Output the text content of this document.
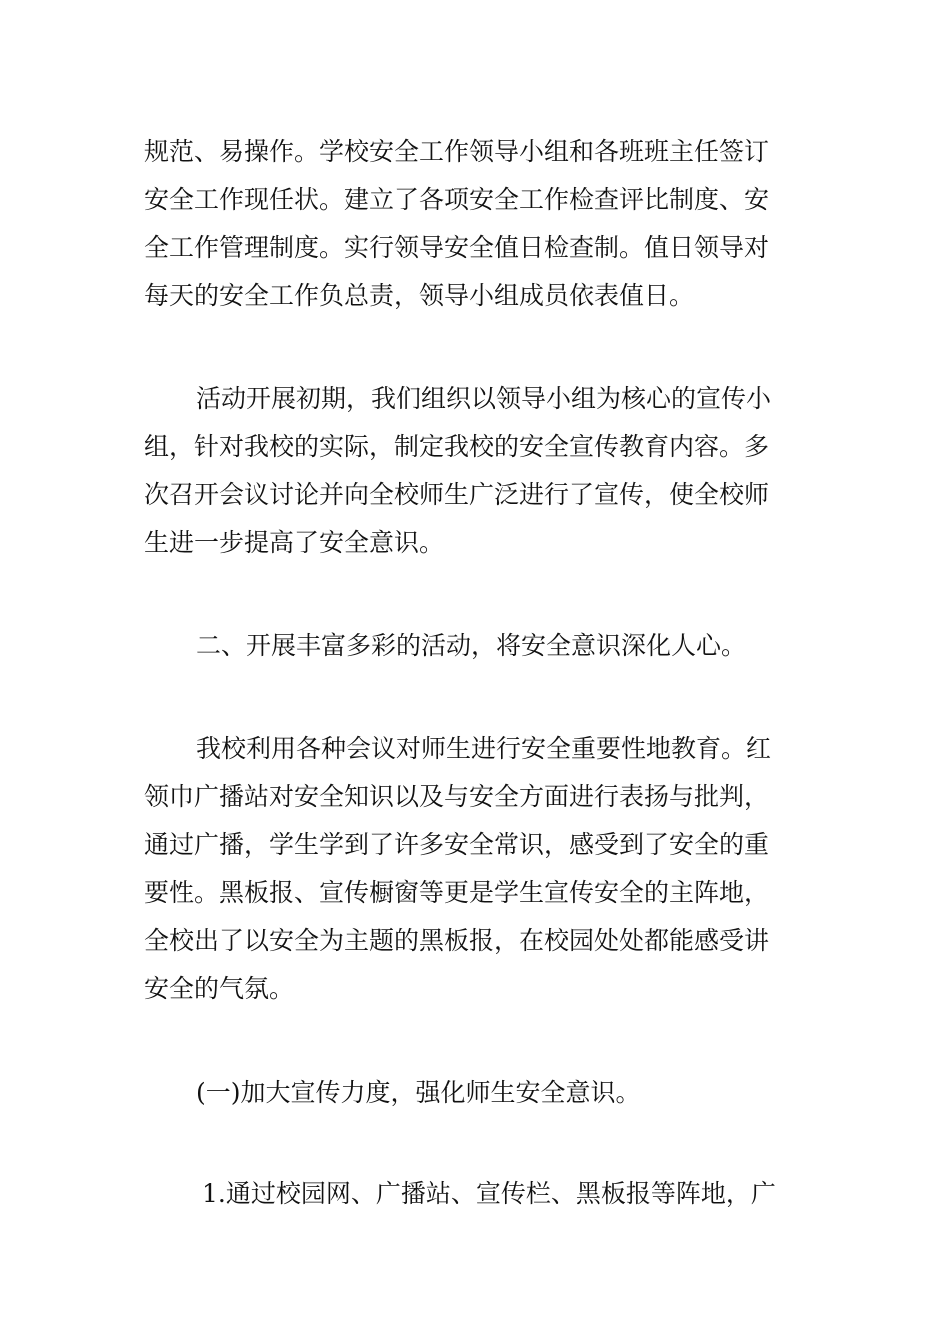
规范、易操作。学校安全工作领导小组和各班班主任签订
安全工作现任状。建立了各项安全工作检查评比制度、安
全工作管理制度。实行领导安全值日检查制。值日领导对
每天的安全工作负总责，领导小组成员依表值日。
活动开展初期，我们组织以领导小组为核心的宣传小
组，针对我校的实际，制定我校的安全宣传教育内容。多
次召开会议讨论并向全校师生广泛进行了宣传，使全校师
生进一步提高了安全意识。
二、开展丰富多彩的活动，将安全意识深化人心。
我校利用各种会议对师生进行安全重要性地教育。红
领巾广播站对安全知识以及与安全方面进行表扬与批判，
通过广播，学生学到了许多安全常识，感受到了安全的重
要性。黑板报、宣传橱窗等更是学生宣传安全的主阵地，
全校出了以安全为主题的黑板报，在校园处处都能感受讲
安全的气氛。
(一)加大宣传力度，强化师生安全意识。
1.通过校园网、广播站、宣传栏、黑板报等阵地，广
